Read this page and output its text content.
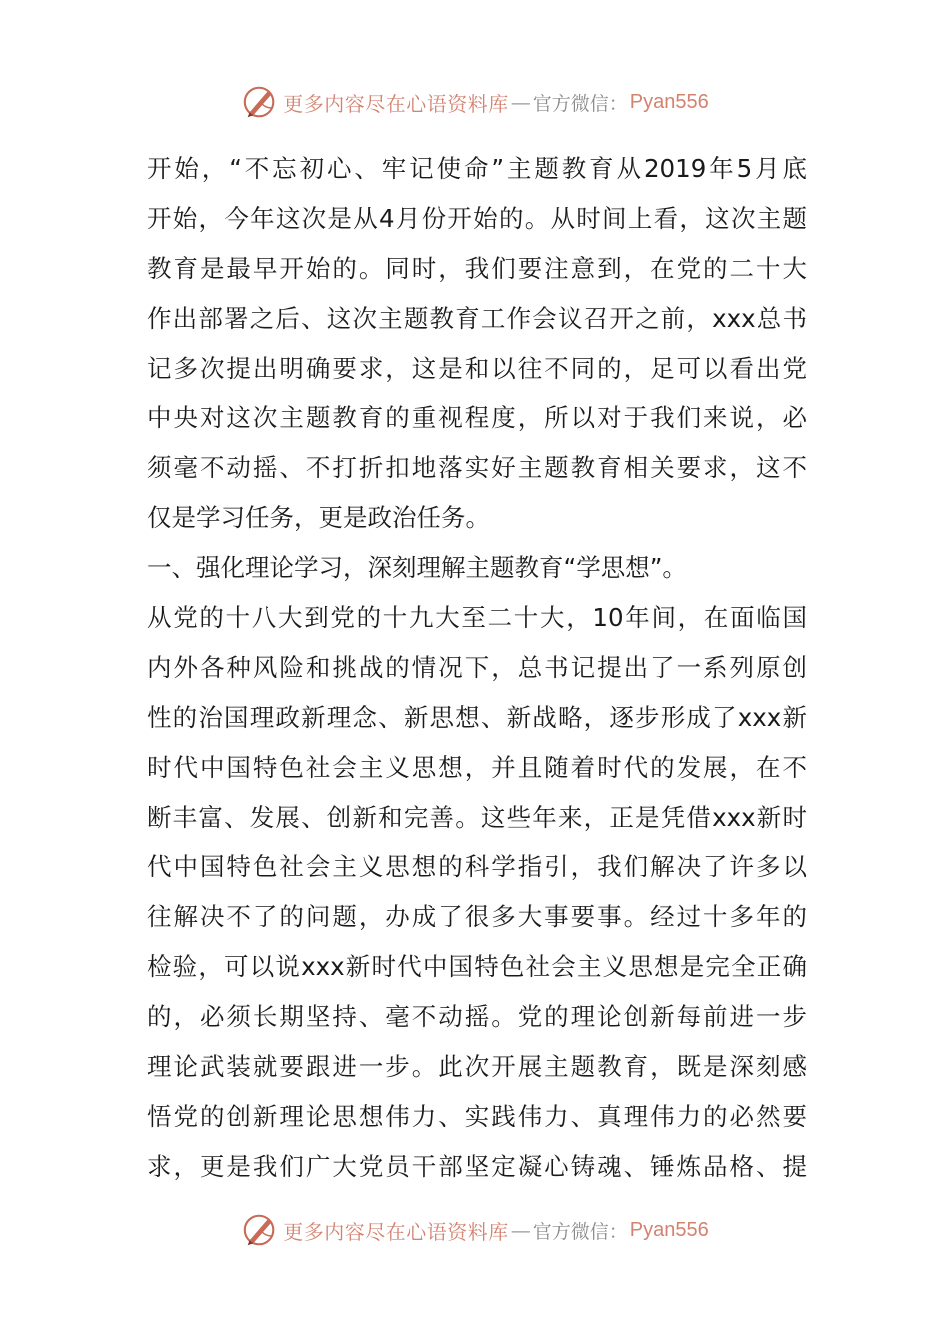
更多内容尽在心语资料库 — 官方微信： Pyan556
开始，“不忘初心、牢记使命”主题教育从2019年5月底
开始，今年这次是从4月份开始的。从时间上看，这次主题
教育是最早开始的。同时，我们要注意到，在党的二十大
作出部署之后、这次主题教育工作会议召开之前，xxx总书
记多次提出明确要求，这是和以往不同的，足可以看出党
中央对这次主题教育的重视程度，所以对于我们来说，必
须毫不动摇、不打折扣地落实好主题教育相关要求，这不
仅是学习任务，更是政治任务。
一、强化理论学习，深刻理解主题教育“学思想”。
从党的十八大到党的十九大至二十大，10年间，在面临国
内外各种风险和挑战的情况下，总书记提出了一系列原创
性的治国理政新理念、新思想、新战略，逐步形成了xxx新
时代中国特色社会主义思想，并且随着时代的发展，在不
断丰富、发展、创新和完善。这些年来，正是凭借xxx新时
代中国特色社会主义思想的科学指引，我们解决了许多以
往解决不了的问题，办成了很多大事要事。经过十多年的
检验，可以说xxx新时代中国特色社会主义思想是完全正确
的，必须长期坚持、毫不动摇。党的理论创新每前进一步
理论武装就要跟进一步。此次开展主题教育，既是深刻感
悟党的创新理论思想伟力、实践伟力、真理伟力的必然要
求，更是我们广大党员干部坚定凝心铸魂、锤炼品格、提
更多内容尽在心语资料库 — 官方微信： Pyan556
